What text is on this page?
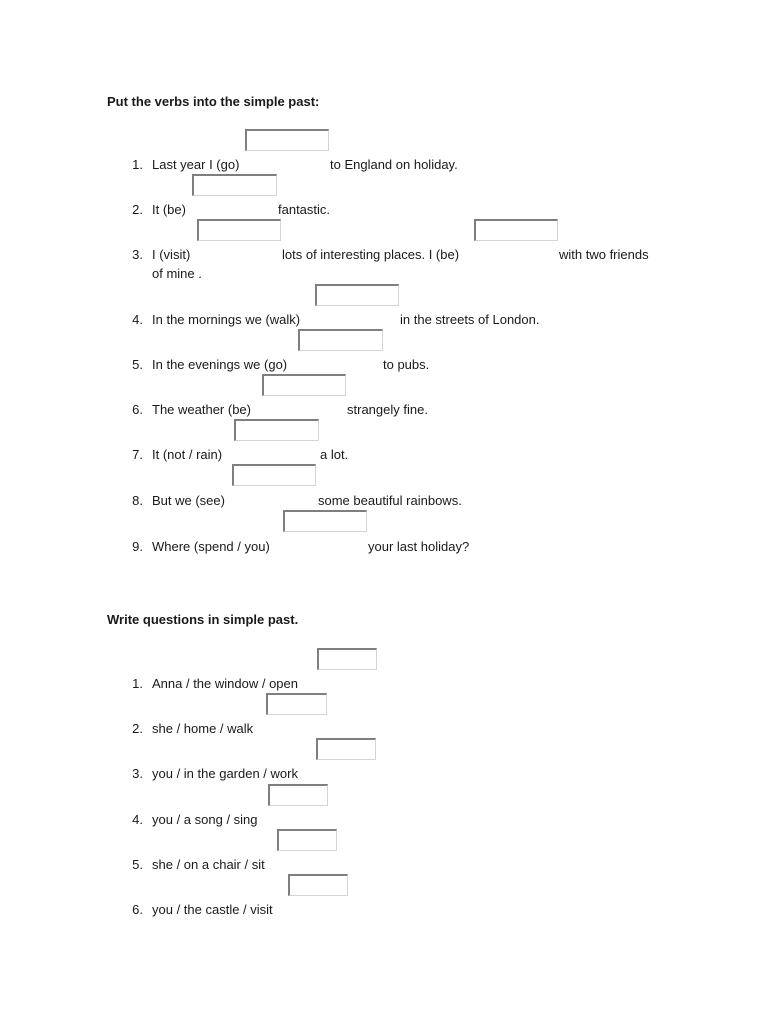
Put the verbs into the simple past:
1. Last year I (go)	to England on holiday.
2. It (be)	fantastic.
3. I (visit)	lots of interesting places. I (be)	with two friends
of mine .
4. In the mornings we (walk)	in the streets of London.
5. In the evenings we (go)	to pubs.
6. The weather (be)	strangely fine.
7. It (not / rain)	a lot.
8. But we (see)	some beautiful rainbows.
9. Where (spend / you)	your last holiday?
Write questions in simple past.
1. Anna / the window / open
2. she / home / walk
3. you / in the garden / work
4. you / a song / sing
5. she / on a chair / sit
6. you / the castle / visit
